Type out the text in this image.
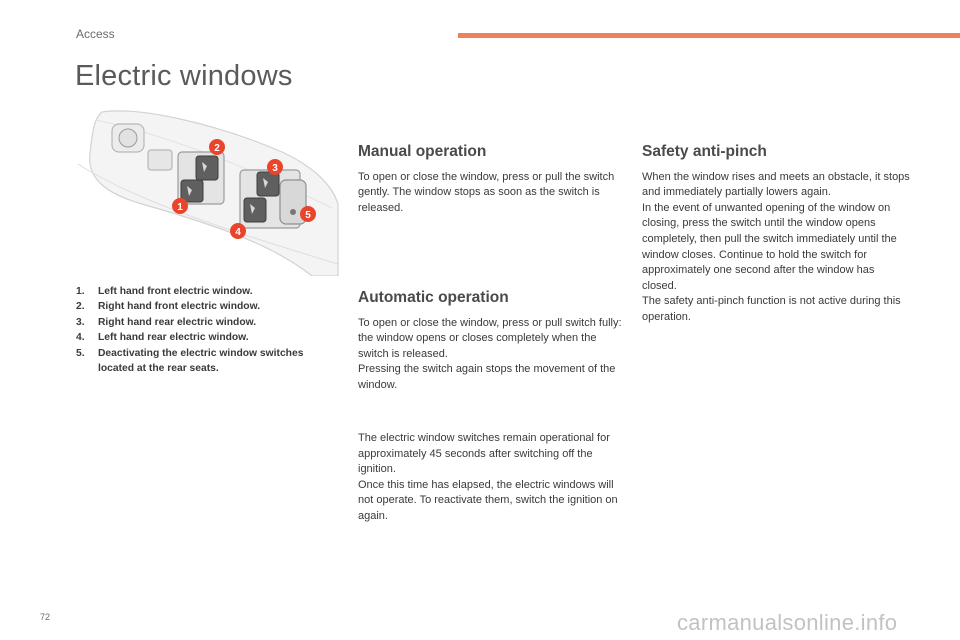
Access
Electric windows
1
2
3
4
5
1.	Left hand front electric window.
2.	Right hand front electric window.
3.	Right hand rear electric window.
4.	Left hand rear electric window.
5.	Deactivating the electric window switches located at the rear seats.
Manual operation

To open or close the window, press or pull the switch gently. The window stops as soon as the switch is released.

Automatic operation

To open or close the window, press or pull switch fully: the window opens or closes completely when the switch is released.
Pressing the switch again stops the movement of the window.

The electric window switches remain operational for approximately 45 seconds after switching off the ignition.
Once this time has elapsed, the electric windows will not operate. To reactivate them, switch the ignition on again.

Safety anti-pinch

When the window rises and meets an obstacle, it stops and immediately partially lowers again.
In the event of unwanted opening of the window on closing, press the switch until the window opens completely, then pull the switch immediately until the window closes. Continue to hold the switch for approximately one second after the window has closed.
The safety anti-pinch function is not active during this operation.

72	carmanualsonline.info
